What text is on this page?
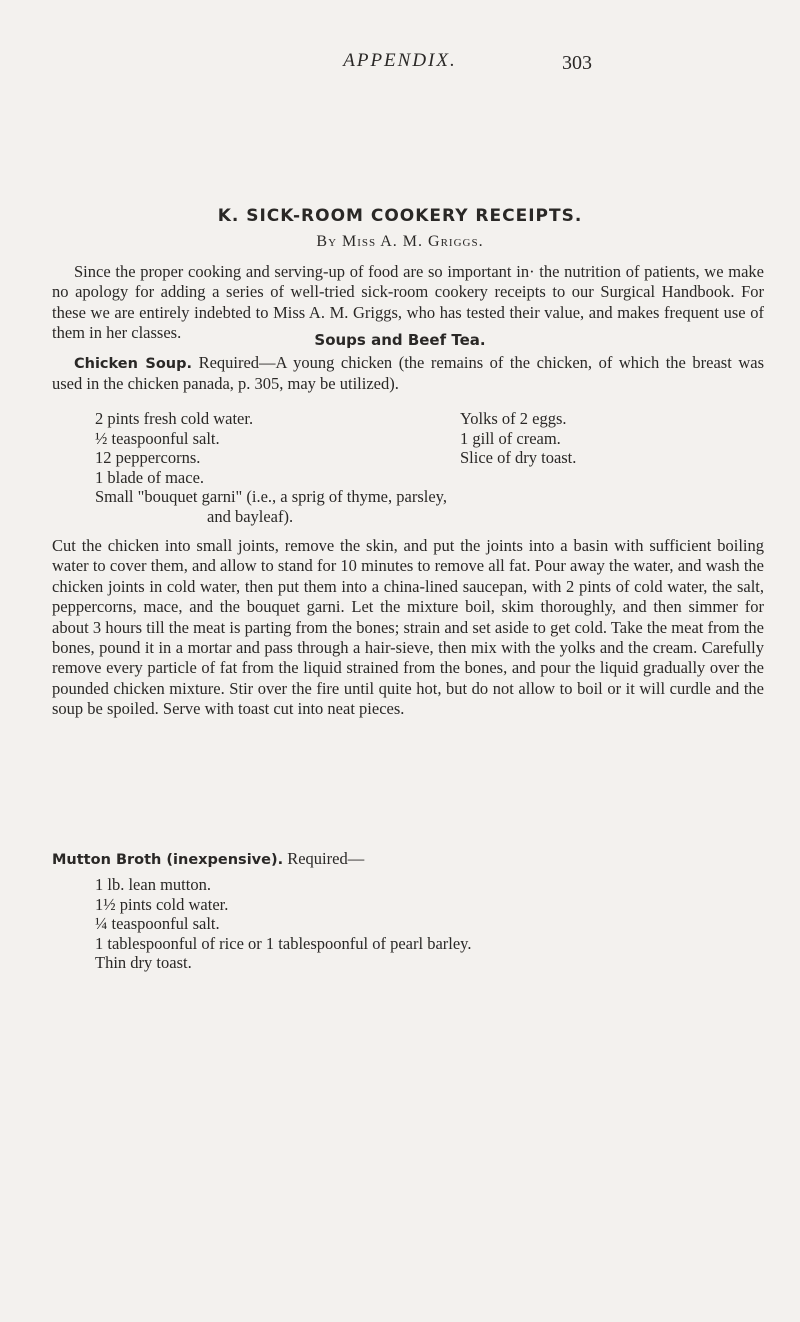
APPENDIX.	303
K. SICK-ROOM COOKERY RECEIPTS.
By Miss A. M. Griggs.
Since the proper cooking and serving-up of food are so important in· the nutrition of patients, we make no apology for adding a series of well-tried sick-room cookery receipts to our Surgical Handbook. For these we are entirely indebted to Miss A. M. Griggs, who has tested their value, and makes frequent use of them in her classes.	Soups and Beef Tea.
Chicken Soup. Required—A young chicken (the remains of the chicken, of which the breast was used in the chicken panada, p. 305, may be utilized).
2 pints fresh cold water.
½ teaspoonful salt.
12 peppercorns.
1 blade of mace.
Yolks of 2 eggs.
1 gill of cream.
Slice of dry toast.
Small "bouquet garni" (i.e., a sprig of thyme, parsley,
and bayleaf).
Cut the chicken into small joints, remove the skin, and put the joints into a basin with sufficient boiling water to cover them, and allow to stand for 10 minutes to remove all fat. Pour away the water, and wash the chicken joints in cold water, then put them into a china-lined saucepan, with 2 pints of cold water, the salt, peppercorns, mace, and the bouquet garni. Let the mixture boil, skim thoroughly, and then simmer for about 3 hours till the meat is parting from the bones; strain and set aside to get cold. Take the meat from the bones, pound it in a mortar and pass through a hair-sieve, then mix with the yolks and the cream. Carefully remove every particle of fat from the liquid strained from the bones, and pour the liquid gradually over the pounded chicken mixture. Stir over the fire until quite hot, but do not allow to boil or it will curdle and the soup be spoiled. Serve with toast cut into neat pieces.
Mutton Broth (inexpensive). Required—
1 lb. lean mutton.
1½ pints cold water.
¼ teaspoonful salt.
1 tablespoonful of rice or 1 tablespoonful of pearl barley.
Thin dry toast.
